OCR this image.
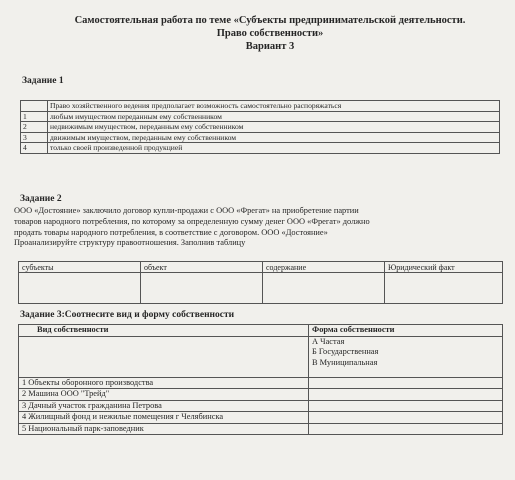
Самостоятельная работа по теме «Субъекты предпринимательской деятельности.
Право собственности»
Вариант 3
Задание 1
	Право хозяйственного ведения предполагает возможность самостоятельно распоряжаться
1	любым имуществом переданным ему собственником
2	недвижимым имуществом, переданным ему собственником
3	движимым имуществом, переданным ему собственником
4	только своей произведенной продукцией
Задание 2
ООО «Достояние» заключило договор купли-продажи с ООО «Фрегат» на приобретение партии
товаров народного потребления, по которому за определенную сумму денег ООО «Фрегат» должно
продать товары народного потребления, в соответствие с договором. ООО «Достояние»
Проанализируйте структуру правоотношения. Заполнив таблицу
субъекты	объект	содержание	Юридический факт

Задание 3:Соотнесите вид и форму собственности
Вид собственности	Форма собственности

	А Частая
Б Государственная
В Муниципальная

1 Объекты оборонного производства	
2 Машина ООО "Трейд"	
3 Дачный участок гражданина Петрова	
4 Жилищный фонд и нежилые помещения г Челябинска	
5 Национальный парк-заповедник	
